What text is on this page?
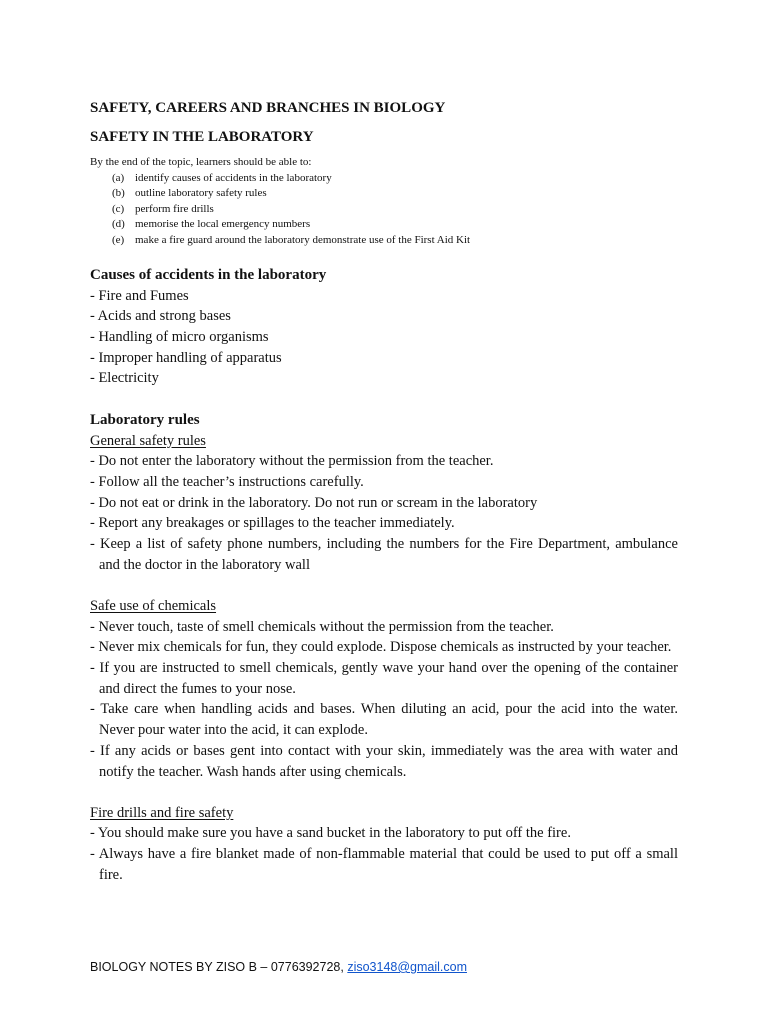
SAFETY, CAREERS AND BRANCHES IN BIOLOGY
SAFETY IN THE LABORATORY
By the end of the topic, learners should be able to:
(a) identify causes of accidents in the laboratory
(b) outline laboratory safety rules
(c) perform fire drills
(d) memorise the local emergency numbers
(e) make a fire guard around the laboratory demonstrate use of the First Aid Kit
Causes of accidents in the laboratory
- Fire and Fumes
- Acids and strong bases
- Handling of micro organisms
- Improper handling of apparatus
- Electricity
Laboratory rules
General safety rules
- Do not enter the laboratory without the permission from the teacher.
- Follow all the teacher’s instructions carefully.
- Do not eat or drink in the laboratory. Do not run or scream in the laboratory
- Report any breakages or spillages to the teacher immediately.
- Keep a list of safety phone numbers, including the numbers for the Fire Department, ambulance and the doctor in the laboratory wall
Safe use of chemicals
- Never touch, taste of smell chemicals without the permission from the teacher.
- Never mix chemicals for fun, they could explode. Dispose chemicals as instructed by your teacher.
- If you are instructed to smell chemicals, gently wave your hand over the opening of the container and direct the fumes to your nose.
- Take care when handling acids and bases. When diluting an acid, pour the acid into the water. Never pour water into the acid, it can explode.
- If any acids or bases gent into contact with your skin, immediately was the area with water and notify the teacher. Wash hands after using chemicals.
Fire drills and fire safety
- You should make sure you have a sand bucket in the laboratory to put off the fire.
- Always have a fire blanket made of non-flammable material that could be used to put off a small fire.
BIOLOGY NOTES BY ZISO B – 0776392728, ziso3148@gmail.com
